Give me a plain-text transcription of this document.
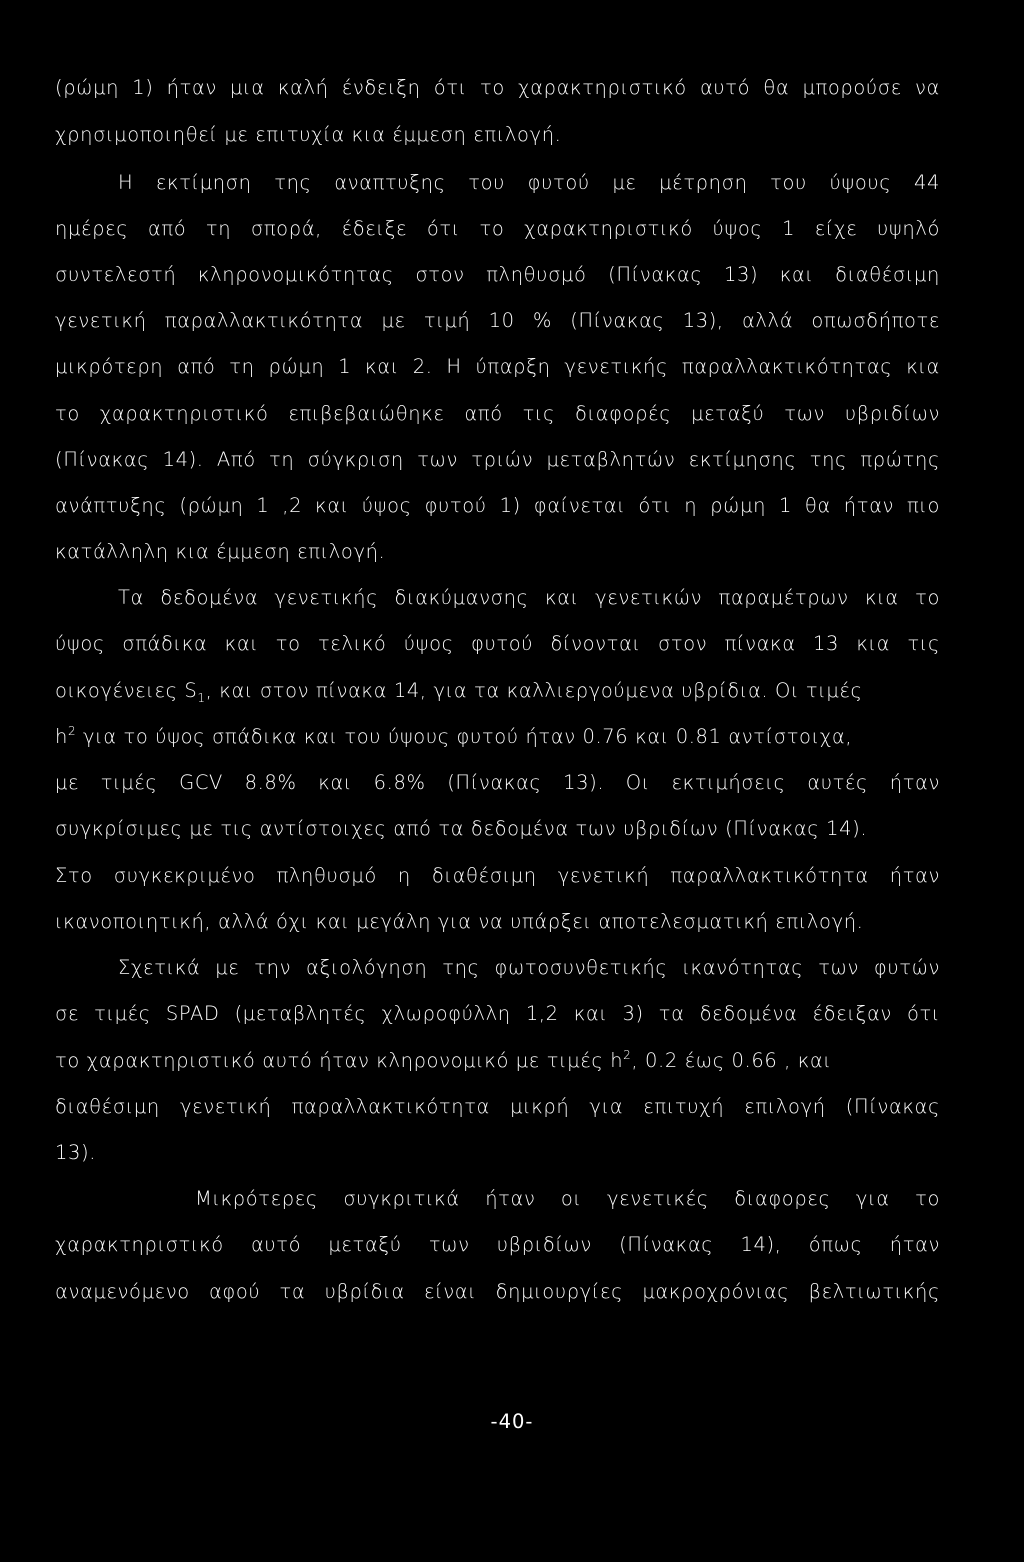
(ρώμη 1) ήταν μια καλή ένδειξη ότι το χαρακτηριστικό αυτό θα μπορούσε να
χρησιμοποιηθεί με επιτυχία κια έμμεση επιλογή.
Η εκτίμηση της αναπτυξης του φυτού με μέτρηση του ύψους 44
ημέρες από τη σπορά, έδειξε ότι το χαρακτηριστικό ύψος 1 είχε υψηλό
συντελεστή κληρονομικότητας στον πληθυσμό (Πίνακας 13) και διαθέσιμη
γενετική παραλλακτικότητα με τιμή 10 % (Πίνακας 13), αλλά οπωσδήποτε
μικρότερη από τη ρώμη 1 και 2. Η ύπαρξη γενετικής παραλλακτικότητας κια
το χαρακτηριστικό επιβεβαιώθηκε από τις διαφορές μεταξύ των υβριδίων
(Πίνακας 14). Από τη σύγκριση των τριών μεταβλητών εκτίμησης της πρώτης
ανάπτυξης (ρώμη 1 ,2 και ύψος φυτού 1) φαίνεται ότι η ρώμη 1 θα ήταν πιο
κατάλληλη κια έμμεση επιλογή.
Τα δεδομένα γενετικής διακύμανσης και γενετικών παραμέτρων κια το
ύψος σπάδικα και το τελικό ύψος φυτού δίνονται στον πίνακα 13 κια τις
οικογένειες $S_1$, και στον πίνακα 14, για τα καλλιεργούμενα υβρίδια. Οι τιμές
$h^2$ για το ύψος σπάδικα και του ύψους φυτού ήταν 0.76 και 0.81 αντίστοιχα,
με τιμές GCV 8.8% και 6.8% (Πίνακας 13). Οι εκτιμήσεις αυτές ήταν
συγκρίσιμες με τις αντίστοιχες από τα δεδομένα των υβριδίων (Πίνακας 14).
Στο συγκεκριμένο πληθυσμό η διαθέσιμη γενετική παραλλακτικότητα ήταν
ικανοποιητική, αλλά όχι και μεγάλη για να υπάρξει αποτελεσματική επιλογή.
Σχετικά με την αξιολόγηση της φωτοσυνθετικής ικανότητας των φυτών
σε τιμές SPAD (μεταβλητές χλωροφύλλη 1,2 και 3) τα δεδομένα έδειξαν ότι
το χαρακτηριστικό αυτό ήταν κληρονομικό με τιμές $h^2$, 0.2 έως 0.66 , και
διαθέσιμη γενετική παραλλακτικότητα μικρή για επιτυχή επιλογή (Πίνακας
13).
Μικρότερες συγκριτικά ήταν οι γενετικές διαφορες για το
χαρακτηριστικό αυτό μεταξύ των υβριδίων (Πίνακας 14), όπως ήταν
αναμενόμενο αφού τα υβρίδια είναι δημιουργίες μακροχρόνιας βελτιωτικής
-40-
